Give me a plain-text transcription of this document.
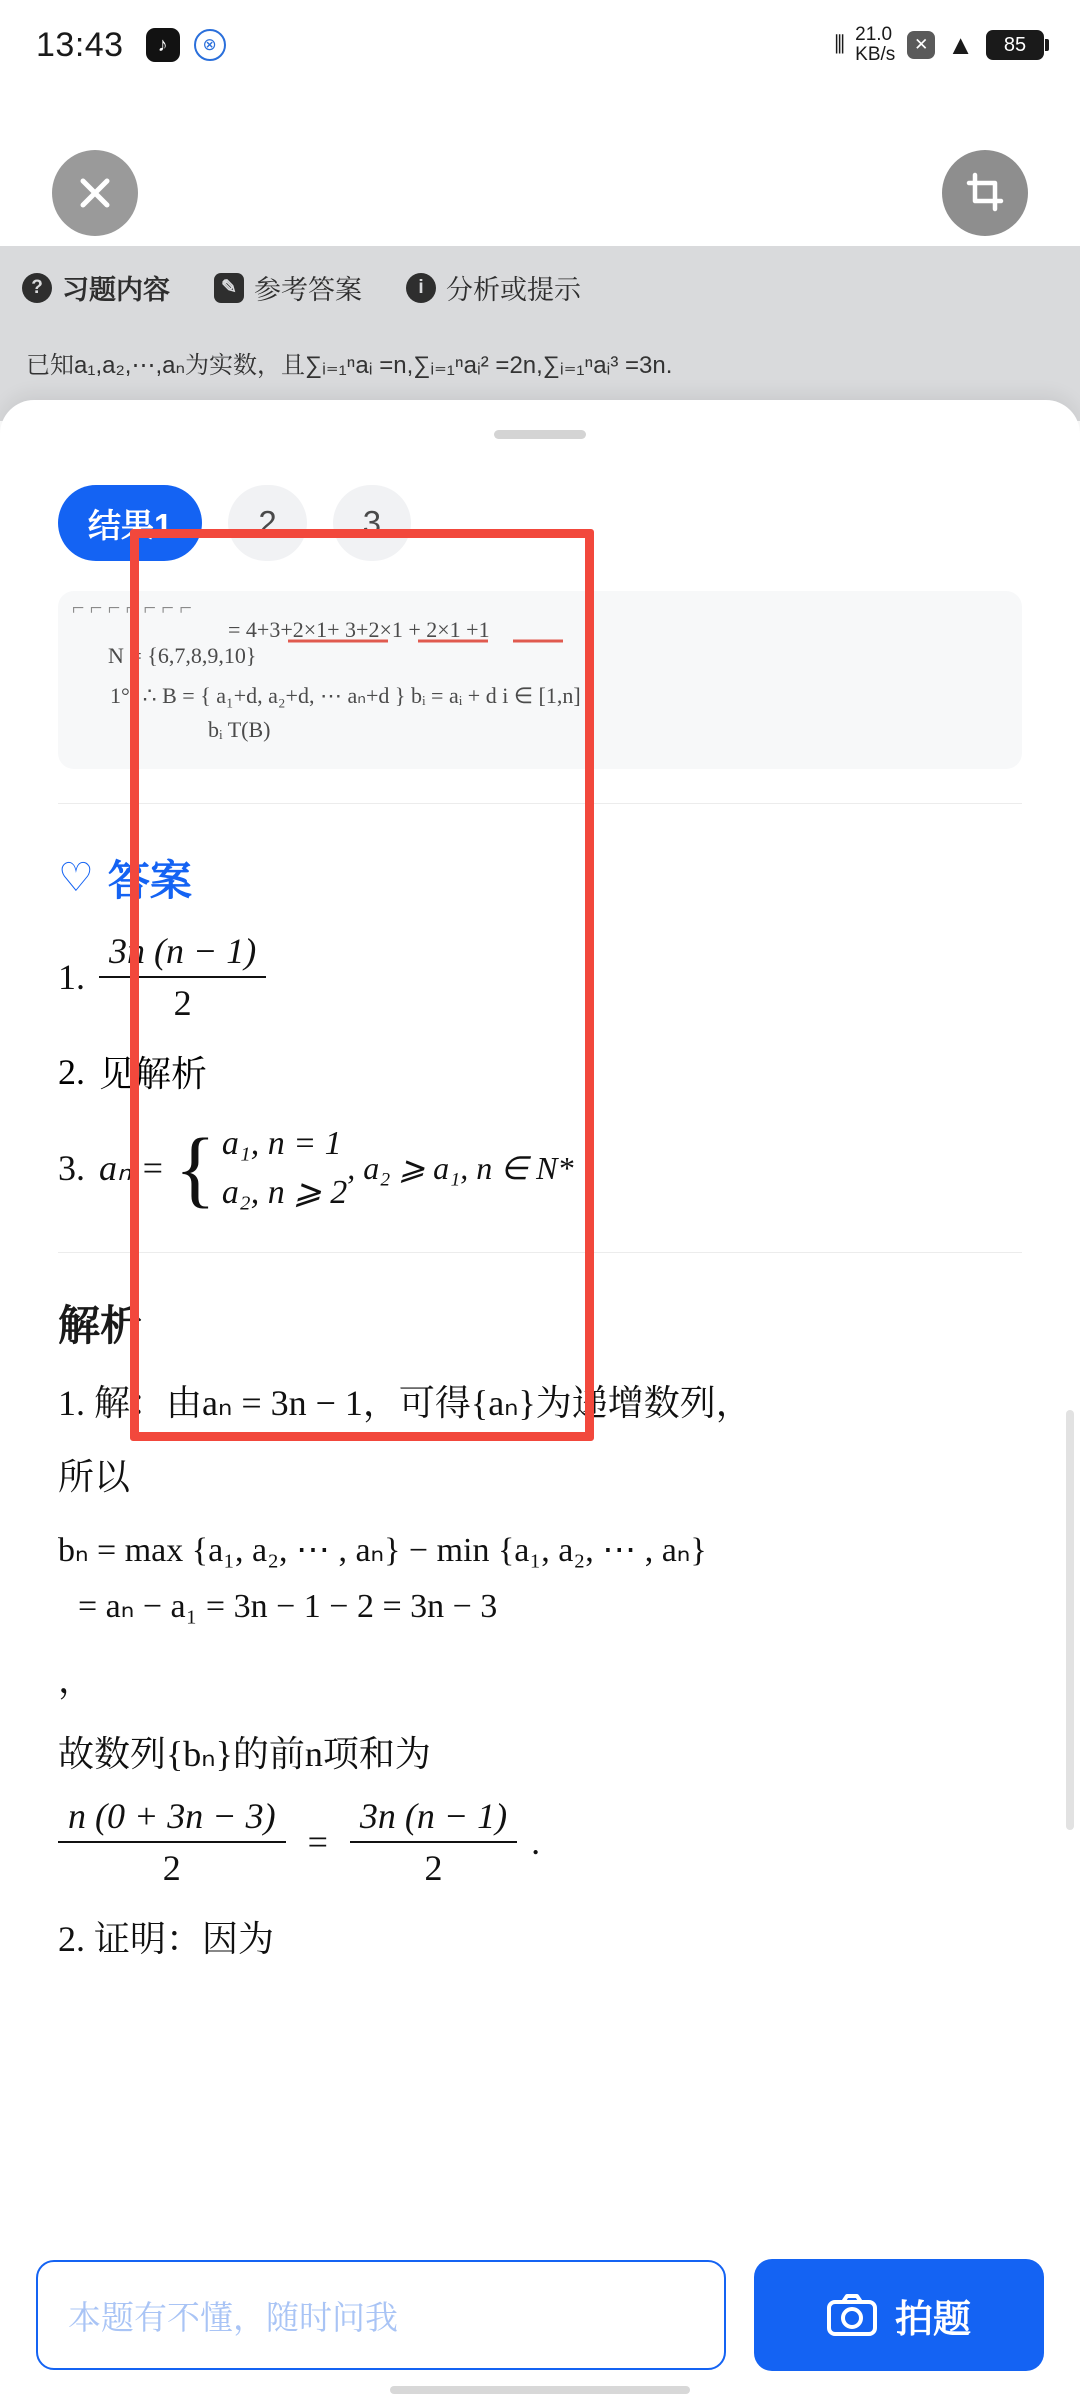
13:43	♪	⊗	⦀ 21.0
KB/s	✕ ▲	85
? 习题内容	✎ 参考答案	i 分析或提示
已知a₁,a₂,⋯,aₙ为实数，且∑ᵢ₌₁ⁿaᵢ =n,∑ᵢ₌₁ⁿaᵢ² =2n,∑ᵢ₌₁ⁿaᵢ³ =3n.
结果1	2	3
⌐ ⌐ ⌐ ⌐ ⌐ ⌐ ⌐
= 4+3+2×1+ 3+2×1 + 2×1 +1
N = {6,7,8,9,10}
1°) ∴ B = { a₁+d, a₂+d, ⋯ aₙ+d } bᵢ = aᵢ + d i ∈ [1,n]
bᵢ T(B)
♡ 答案
1. $\frac{3n (n - 1)}{2}$
2. 见解析
3. aₙ = { a₁, n = 1
a₂, n ⩾ 2
, a₂ ⩾ a₁, n ∈ N*
解析
1. 解：由aₙ = 3n − 1，可得{aₙ}为递增数列，
所以
bₙ = max {a₁, a₂, ⋯ , aₙ} − min {a₁, a₂, ⋯ , aₙ}
= aₙ − a₁ = 3n − 1 − 2 = 3n − 3
，
故数列{bₙ}的前n项和为
$\frac{n (0 + 3n - 3)}{2} = \frac{3n (n - 1)}{2}$ .
2. 证明：因为
本题有不懂，随时问我	拍题
